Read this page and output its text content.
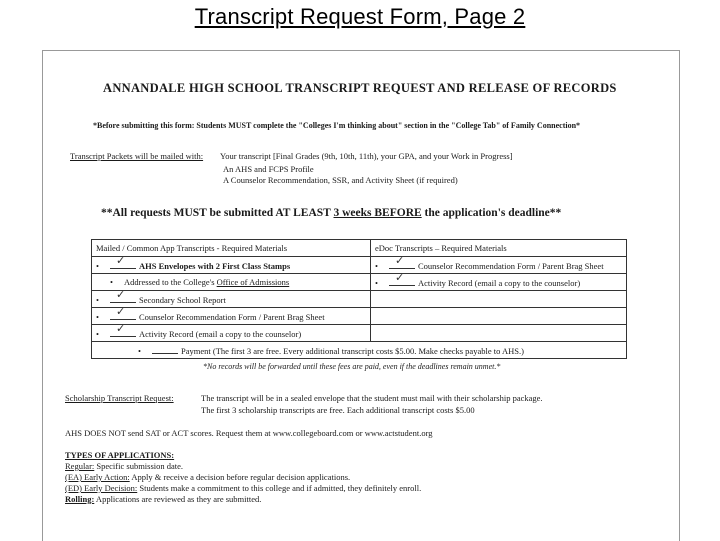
Transcript Request Form, Page 2
ANNANDALE HIGH SCHOOL TRANSCRIPT REQUEST AND RELEASE OF RECORDS
*Before submitting this form: Students MUST complete the "Colleges I'm thinking about" section in the "College Tab" of Family Connection*
Transcript Packets will be mailed with: Your transcript [Final Grades (9th, 10th, 11th), your GPA, and your Work in Progress]
An AHS and FCPS Profile
A Counselor Recommendation, SSR, and Activity Sheet (if required)
**All requests MUST be submitted AT LEAST 3 weeks BEFORE the application's deadline**
Mailed / Common App Transcripts - Required Materials	eDoc Transcripts – Required Materials
• ✓ AHS Envelopes with 2 First Class Stamps	• ✓ Counselor Recommendation Form / Parent Brag Sheet
• Addressed to the College's Office of Admissions	• ✓ Activity Record (email a copy to the counselor)
• ✓ Secondary School Report	
• ✓ Counselor Recommendation Form / Parent Brag Sheet	
• ✓ Activity Record (email a copy to the counselor)	
• Payment (The first 3 are free. Every additional transcript costs $5.00. Make checks payable to AHS.)	
*No records will be forwarded until these fees are paid, even if the deadlines remain unmet.*
Scholarship Transcript Request:	The transcript will be in a sealed envelope that the student must mail with their scholarship package.
The first 3 scholarship transcripts are free. Each additional transcript costs $5.00
AHS DOES NOT send SAT or ACT scores. Request them at www.collegeboard.com or www.actstudent.org
TYPES OF APPLICATIONS:
Regular: Specific submission date.
(EA) Early Action: Apply & receive a decision before regular decision applications.
(ED) Early Decision: Students make a commitment to this college and if admitted, they definitely enroll.
Rolling: Applications are reviewed as they are submitted.
